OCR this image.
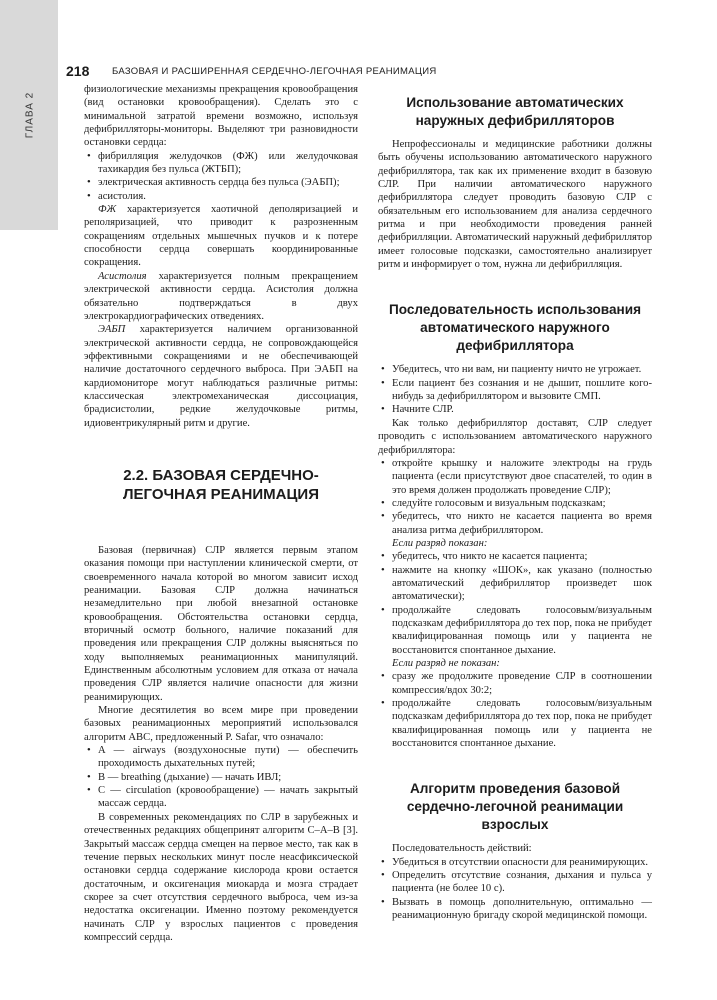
ГЛАВА 2
218 БАЗОВАЯ И РАСШИРЕННАЯ СЕРДЕЧНО-ЛЕГОЧНАЯ РЕАНИМАЦИЯ

физиологические механизмы прекращения кровообращения (вид остановки кровообращения). Сделать это с минимальной затратой времени возможно, используя дефибрилляторы-мониторы. Выделяют три разновидности остановки сердца:

• фибрилляция желудочков (ФЖ) или желудочковая тахикардия без пульса (ЖТБП);
• электрическая активность сердца без пульса (ЭАБП);
• асистолия.

ФЖ характеризуется хаотичной деполяризацией и реполяризацией, что приводит к разрозненным сокращениям отдельных мышечных пучков и к потере способности сердца совершать координированные сокращения.

Асистолия характеризуется полным прекращением электрической активности сердца. Асистолия должна обязательно подтверждаться в двух электрокардиографических отведениях.

ЭАБП характеризуется наличием организованной электрической активности сердца, не сопровождающейся эффективными сокращениями и не обеспечивающей наличие достаточного сердечного выброса. При ЭАБП на кардиомониторе могут наблюдаться различные ритмы: классическая электромеханическая диссоциация, брадисистолии, редкие желудочковые ритмы, идиовентрикулярный ритм и другие.

2.2. БАЗОВАЯ СЕРДЕЧНО-ЛЕГОЧНАЯ РЕАНИМАЦИЯ

Базовая (первичная) СЛР является первым этапом оказания помощи при наступлении клинической смерти, от своевременного начала которой во многом зависит исход реанимации. Базовая СЛР должна начинаться незамедлительно при любой внезапной остановке кровообращения. Обстоятельства остановки сердца, вторичный осмотр больного, наличие показаний для проведения или прекращения СЛР должны выясняться по ходу выполняемых реанимационных манипуляций. Единственным абсолютным условием для отказа от начала проведения СЛР является наличие опасности для жизни реанимирующих.

Многие десятилетия во всем мире при проведении базовых реанимационных мероприятий использовался алгоритм ABC, предложенный P. Safar, что означало:

• A — airways (воздухоносные пути) — обеспечить проходимость дыхательных путей;
• B — breathing (дыхание) — начать ИВЛ;
• C — circulation (кровообращение) — начать закрытый массаж сердца.

В современных рекомендациях по СЛР в зарубежных и отечественных редакциях общепринят алгоритм C–A–B [3]. Закрытый массаж сердца смещен на первое место, так как в течение первых нескольких минут после неасфиксической остановки сердца содержание кислорода крови остается достаточным, и оксигенация миокарда и мозга страдает скорее за счет отсутствия сердечного выброса, чем из-за недостатка оксигенации. Именно поэтому рекомендуется начинать СЛР у взрослых пациентов с проведения компрессий сердца.

Использование автоматических наружных дефибрилляторов

Непрофессионалы и медицинские работники должны быть обучены использованию автоматического наружного дефибриллятора, так как их применение входит в базовую СЛР. При наличии автоматического наружного дефибриллятора следует проводить базовую СЛР с обязательным его использованием для анализа сердечного ритма и при необходимости проведения ранней дефибрилляции. Автоматический наружный дефибриллятор имеет голосовые подсказки, самостоятельно анализирует ритм и информирует о том, нужна ли дефибрилляция.

Последовательность использования автоматического наружного дефибриллятора
• Убедитесь, что ни вам, ни пациенту ничто не угрожает.
• Если пациент без сознания и не дышит, пошлите кого-нибудь за дефибриллятором и вызовите СМП.
• Начните СЛР.

Как только дефибриллятор доставят, СЛР следует проводить с использованием автоматического наружного дефибриллятора:

• откройте крышку и наложите электроды на грудь пациента (если присутствуют двое спасателей, то один в это время должен продолжать проведение СЛР);
• следуйте голосовым и визуальным подсказкам;
• убедитесь, что никто не касается пациента во время анализа ритма дефибриллятором.

Если разряд показан:

• убедитесь, что никто не касается пациента;
• нажмите на кнопку «ШОК», как указано (полностью автоматический дефибриллятор произведет шок автоматически);
• продолжайте следовать голосовым/визуальным подсказкам дефибриллятора до тех пор, пока не прибудет квалифицированная помощь или у пациента не восстановится спонтанное дыхание.

Если разряд не показан:

• сразу же продолжите проведение СЛР в соотношении компрессия/вдох 30:2;
• продолжайте следовать голосовым/визуальным подсказкам дефибриллятора до тех пор, пока не прибудет квалифицированная помощь или у пациента не восстановится спонтанное дыхание.
Алгоритм проведения базовой сердечно-легочной реанимации взрослых

Последовательность действий:

• Убедиться в отсутствии опасности для реанимирующих.
• Определить отсутствие сознания, дыхания и пульса у пациента (не более 10 с).
• Вызвать в помощь дополнительную, оптимально — реанимационную бригаду скорой медицинской помощи.
